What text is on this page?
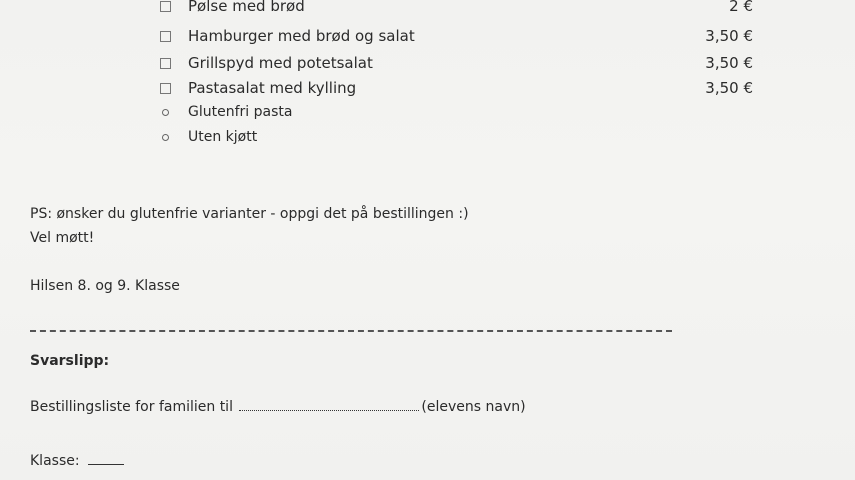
Pølse med brød	2 €
Hamburger med brød og salat	3,50 €
Grillspyd med potetsalat	3,50 €
Pastasalat med kylling	3,50 €
Glutenfri pasta
Uten kjøtt
PS: ønsker du glutenfrie varianter - oppgi det på bestillingen :)
Vel møtt!
Hilsen 8. og 9. Klasse
Svarslipp:
Bestillingsliste for familien til	(elevens navn)
Klasse:
